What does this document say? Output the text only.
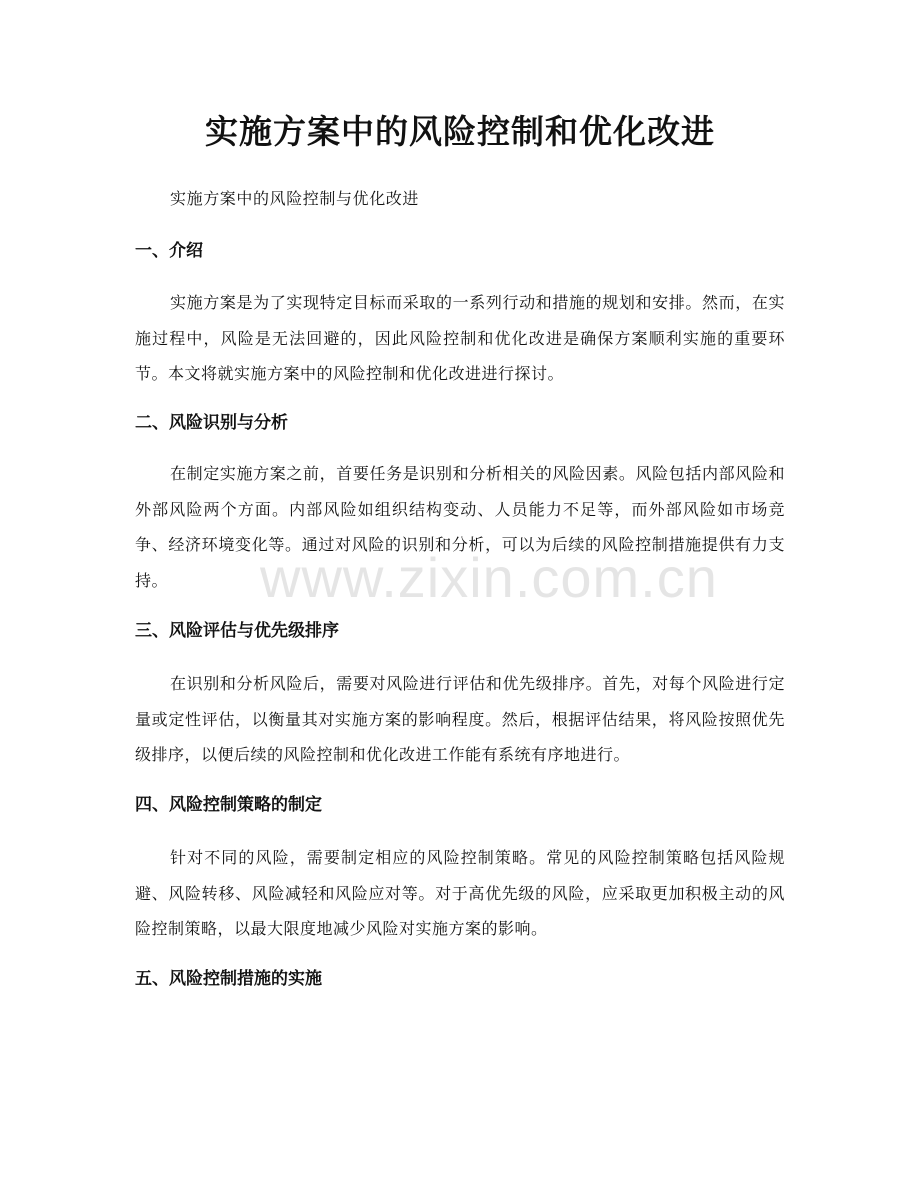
实施方案中的风险控制和优化改进
实施方案中的风险控制与优化改进
一、介绍
实施方案是为了实现特定目标而采取的一系列行动和措施的规划和安排。然而，在实施过程中，风险是无法回避的，因此风险控制和优化改进是确保方案顺利实施的重要环节。本文将就实施方案中的风险控制和优化改进进行探讨。
二、风险识别与分析
在制定实施方案之前，首要任务是识别和分析相关的风险因素。风险包括内部风险和外部风险两个方面。内部风险如组织结构变动、人员能力不足等，而外部风险如市场竞争、经济环境变化等。通过对风险的识别和分析，可以为后续的风险控制措施提供有力支持。
三、风险评估与优先级排序
在识别和分析风险后，需要对风险进行评估和优先级排序。首先，对每个风险进行定量或定性评估，以衡量其对实施方案的影响程度。然后，根据评估结果，将风险按照优先级排序，以便后续的风险控制和优化改进工作能有系统有序地进行。
四、风险控制策略的制定
针对不同的风险，需要制定相应的风险控制策略。常见的风险控制策略包括风险规避、风险转移、风险减轻和风险应对等。对于高优先级的风险，应采取更加积极主动的风险控制策略，以最大限度地减少风险对实施方案的影响。
五、风险控制措施的实施
www.zixin.com.cn
